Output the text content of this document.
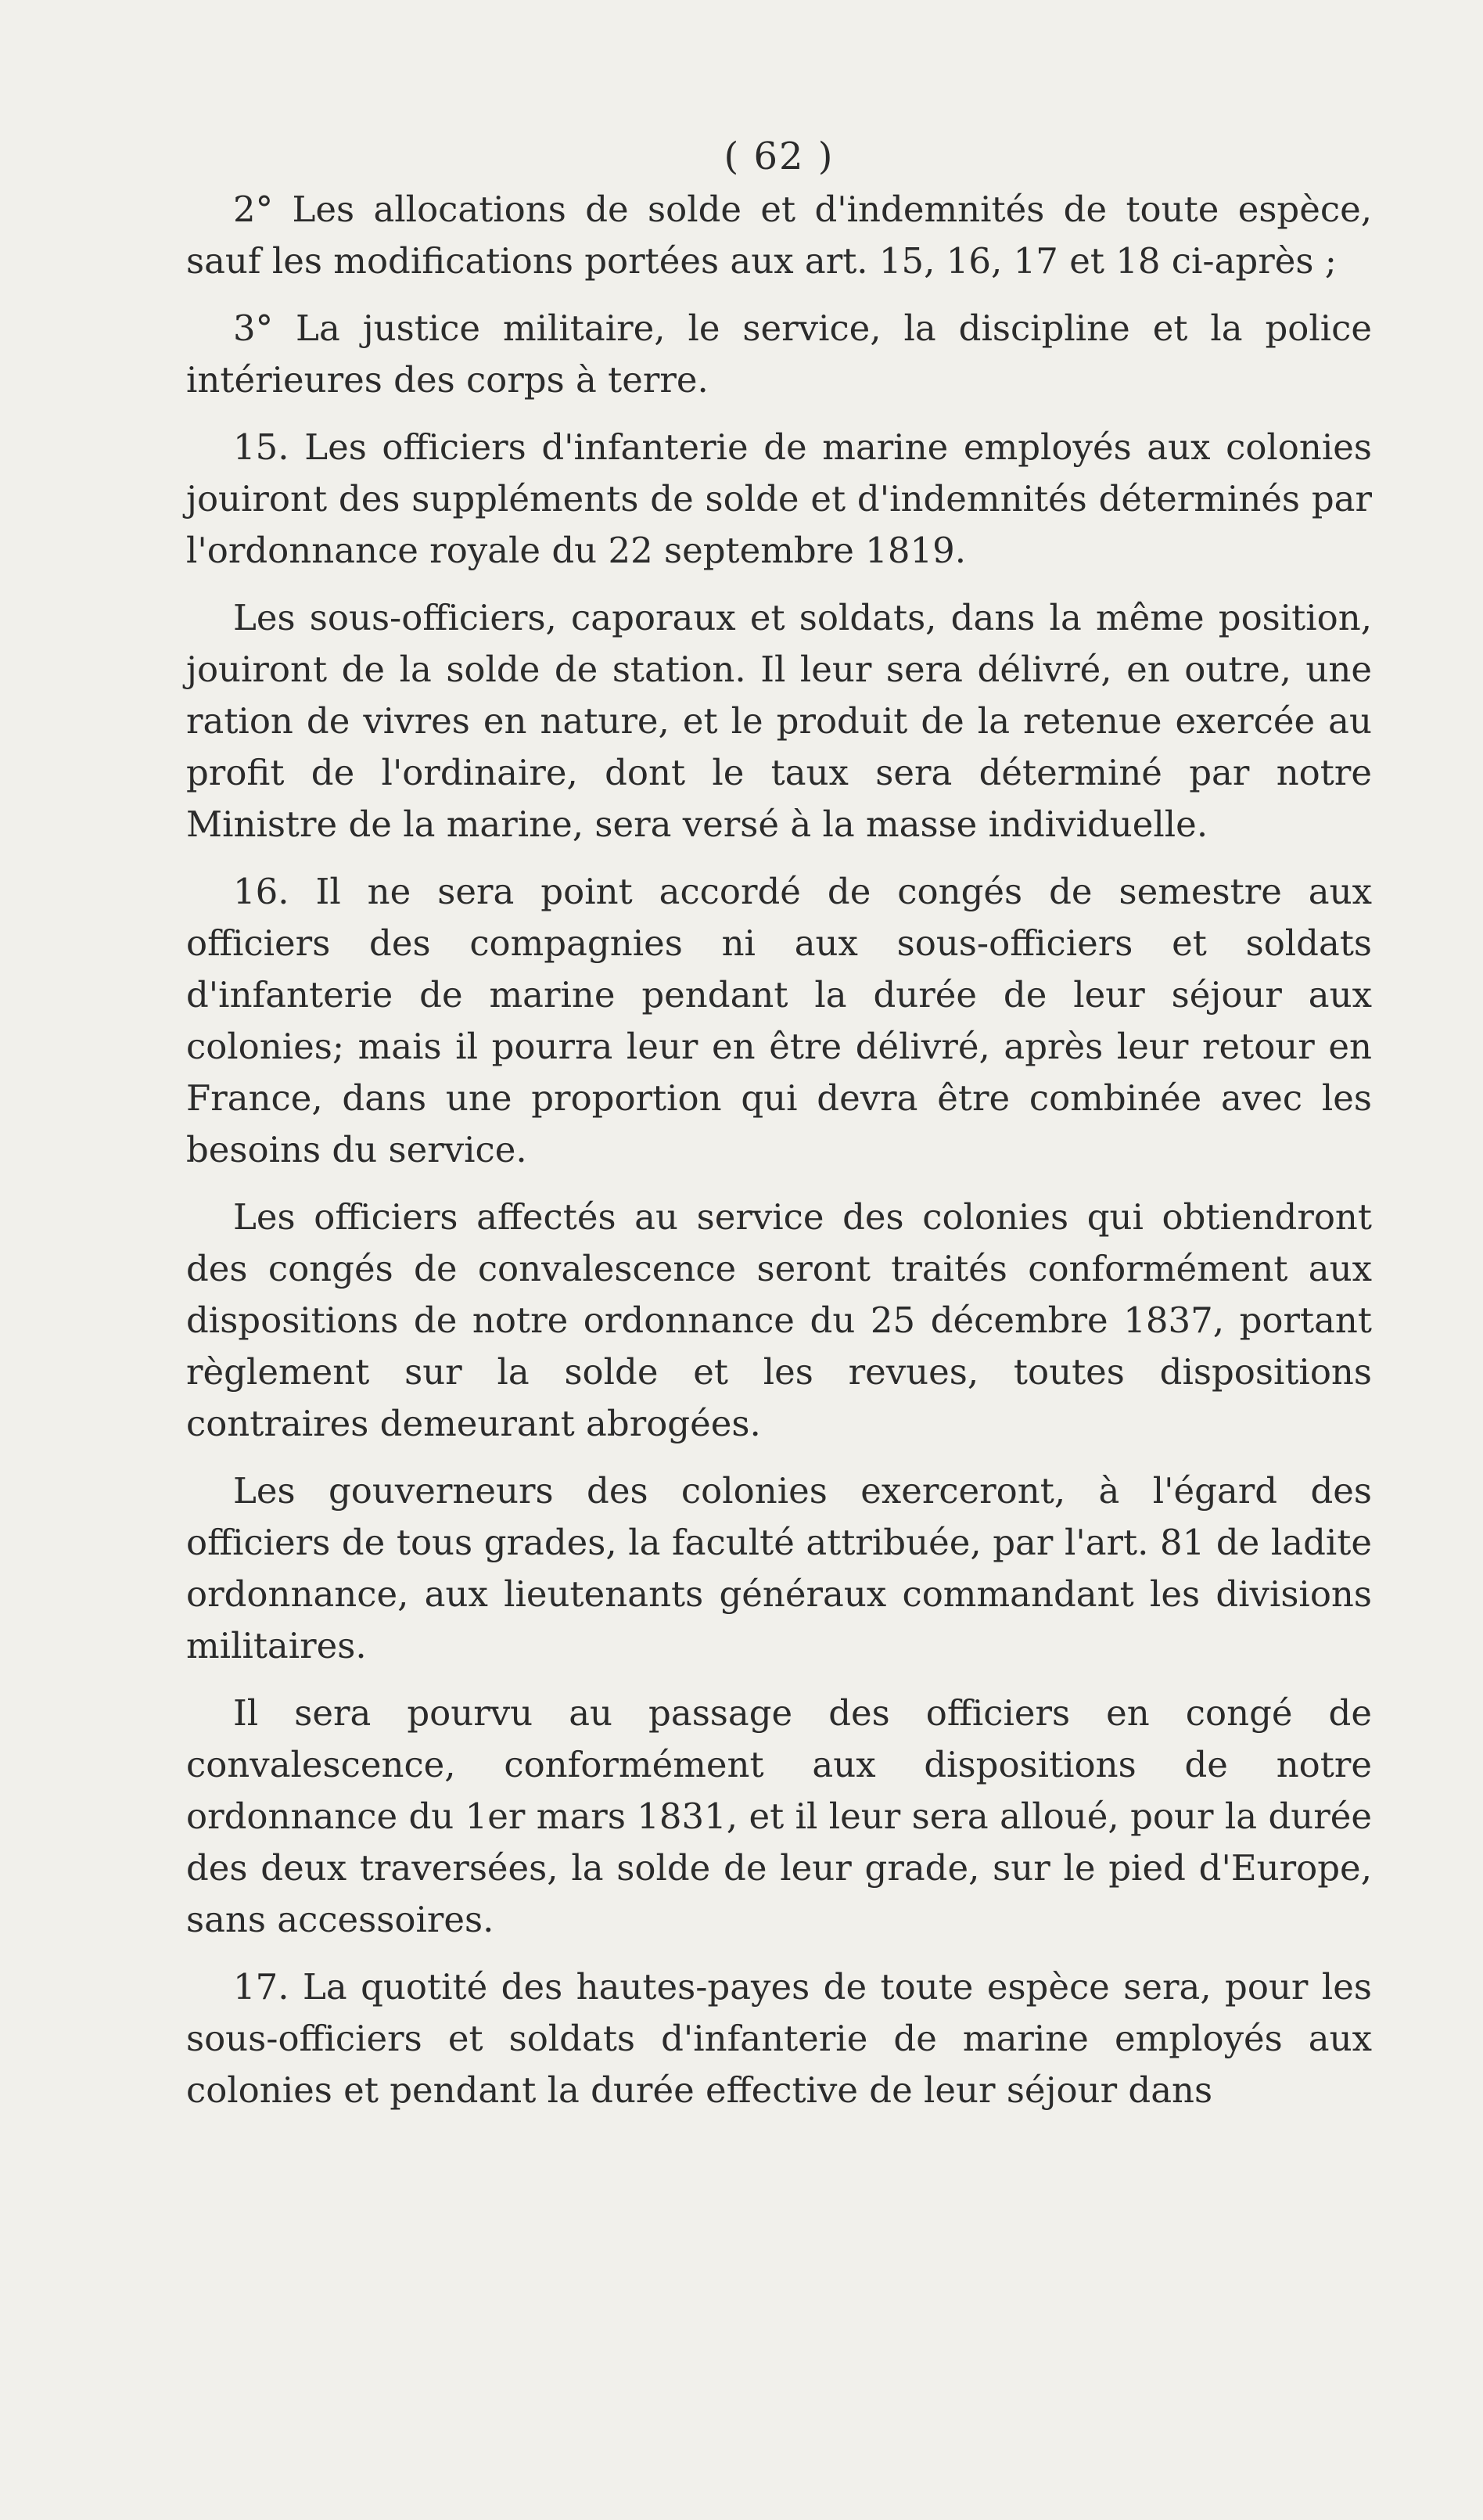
( 62 )

2° Les allocations de solde et d'indemnités de toute espèce, sauf les modifications portées aux art. 15, 16, 17 et 18 ci-après ;

3° La justice militaire, le service, la discipline et la police intérieures des corps à terre.

15. Les officiers d'infanterie de marine employés aux colonies jouiront des suppléments de solde et d'indemnités déterminés par l'ordonnance royale du 22 septembre 1819.

Les sous-officiers, caporaux et soldats, dans la même position, jouiront de la solde de station. Il leur sera délivré, en outre, une ration de vivres en nature, et le produit de la retenue exercée au profit de l'ordinaire, dont le taux sera déterminé par notre Ministre de la marine, sera versé à la masse individuelle.

16. Il ne sera point accordé de congés de semestre aux officiers des compagnies ni aux sous-officiers et soldats d'infanterie de marine pendant la durée de leur séjour aux colonies; mais il pourra leur en être délivré, après leur retour en France, dans une proportion qui devra être combinée avec les besoins du service.

Les officiers affectés au service des colonies qui obtiendront des congés de convalescence seront traités conformément aux dispositions de notre ordonnance du 25 décembre 1837, portant règlement sur la solde et les revues, toutes dispositions contraires demeurant abrogées.

Les gouverneurs des colonies exerceront, à l'égard des officiers de tous grades, la faculté attribuée, par l'art. 81 de ladite ordonnance, aux lieutenants généraux commandant les divisions militaires.

Il sera pourvu au passage des officiers en congé de convalescence, conformément aux dispositions de notre ordonnance du 1er mars 1831, et il leur sera alloué, pour la durée des deux traversées, la solde de leur grade, sur le pied d'Europe, sans accessoires.

17. La quotité des hautes-payes de toute espèce sera, pour les sous-officiers et soldats d'infanterie de marine employés aux colonies et pendant la durée effective de leur séjour dans
